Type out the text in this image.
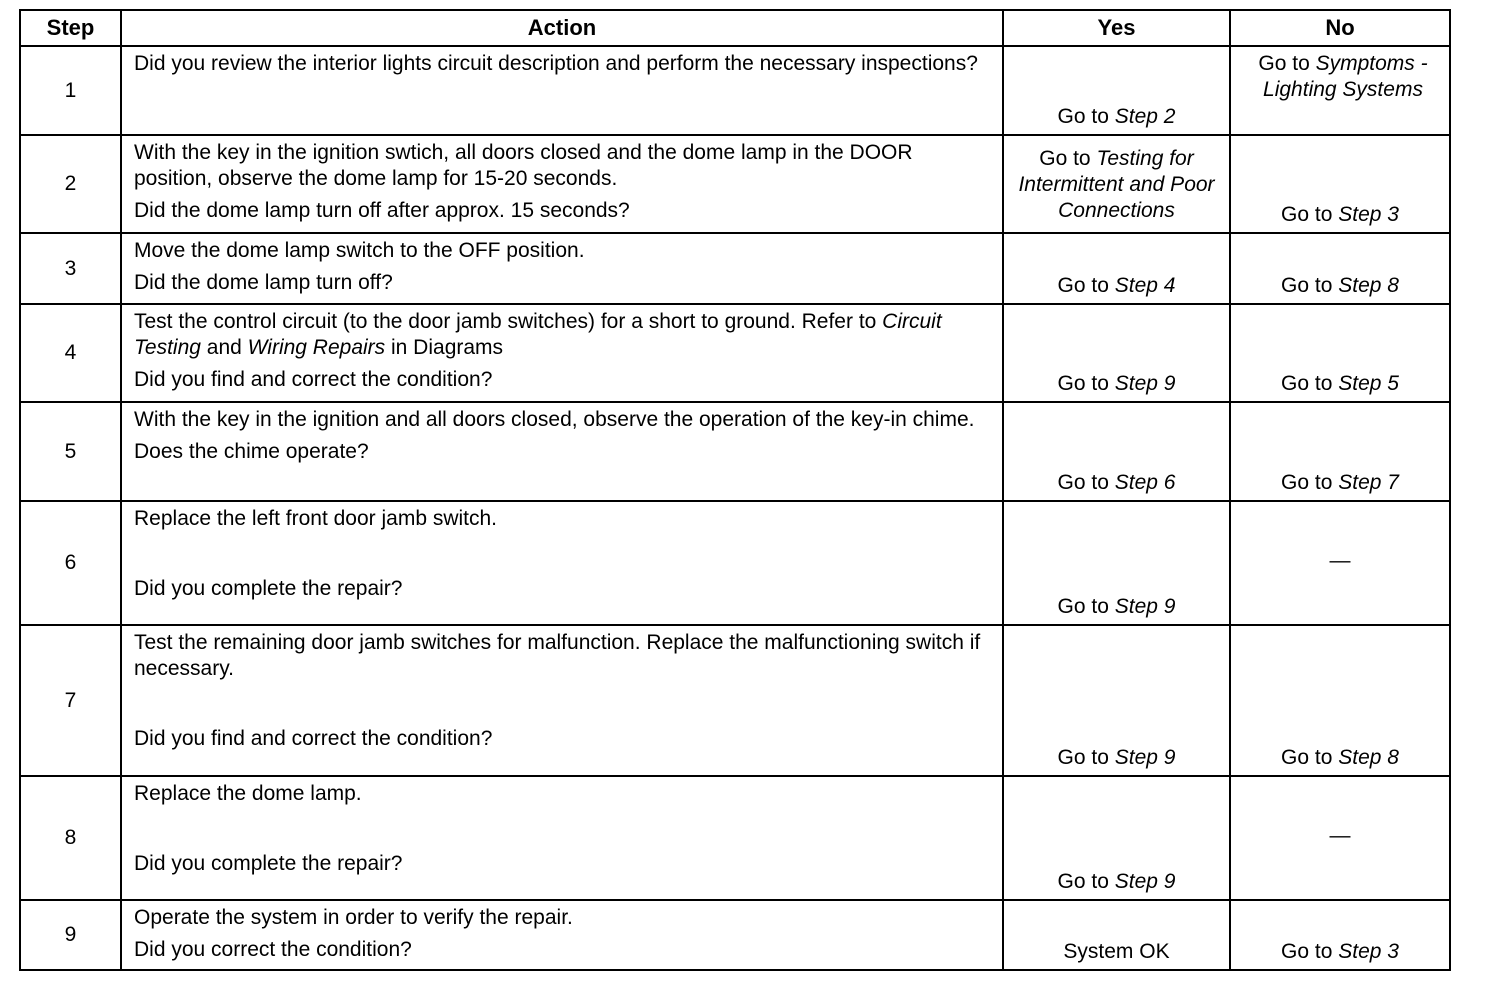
Step	Action	Yes	No
1	Did you review the interior lights circuit description and perform the necessary inspections?	Go to Step 2	Go to Symptoms - Lighting Systems
2	With the key in the ignition swtich, all doors closed and the dome lamp in the DOOR position, observe the dome lamp for 15-20 seconds.

Did the dome lamp turn off after approx. 15 seconds?	Go to Testing for Intermittent and Poor Connections	Go to Step 3
3	Move the dome lamp switch to the OFF position.

Did the dome lamp turn off?	Go to Step 4	Go to Step 8
4	Test the control circuit (to the door jamb switches) for a short to ground. Refer to Circuit Testing and Wiring Repairs in Diagrams

Did you find and correct the condition?	Go to Step 9	Go to Step 5
5	With the key in the ignition and all doors closed, observe the operation of the key-in chime.

Does the chime operate?	Go to Step 6	Go to Step 7
6	Replace the left front door jamb switch.

Did you complete the repair?	Go to Step 9	—
7	Test the remaining door jamb switches for malfunction. Replace the malfunctioning switch if necessary.

Did you find and correct the condition?	Go to Step 9	Go to Step 8
8	Replace the dome lamp.

Did you complete the repair?	Go to Step 9	—
9	Operate the system in order to verify the repair.

Did you correct the condition?	System OK	Go to Step 3
